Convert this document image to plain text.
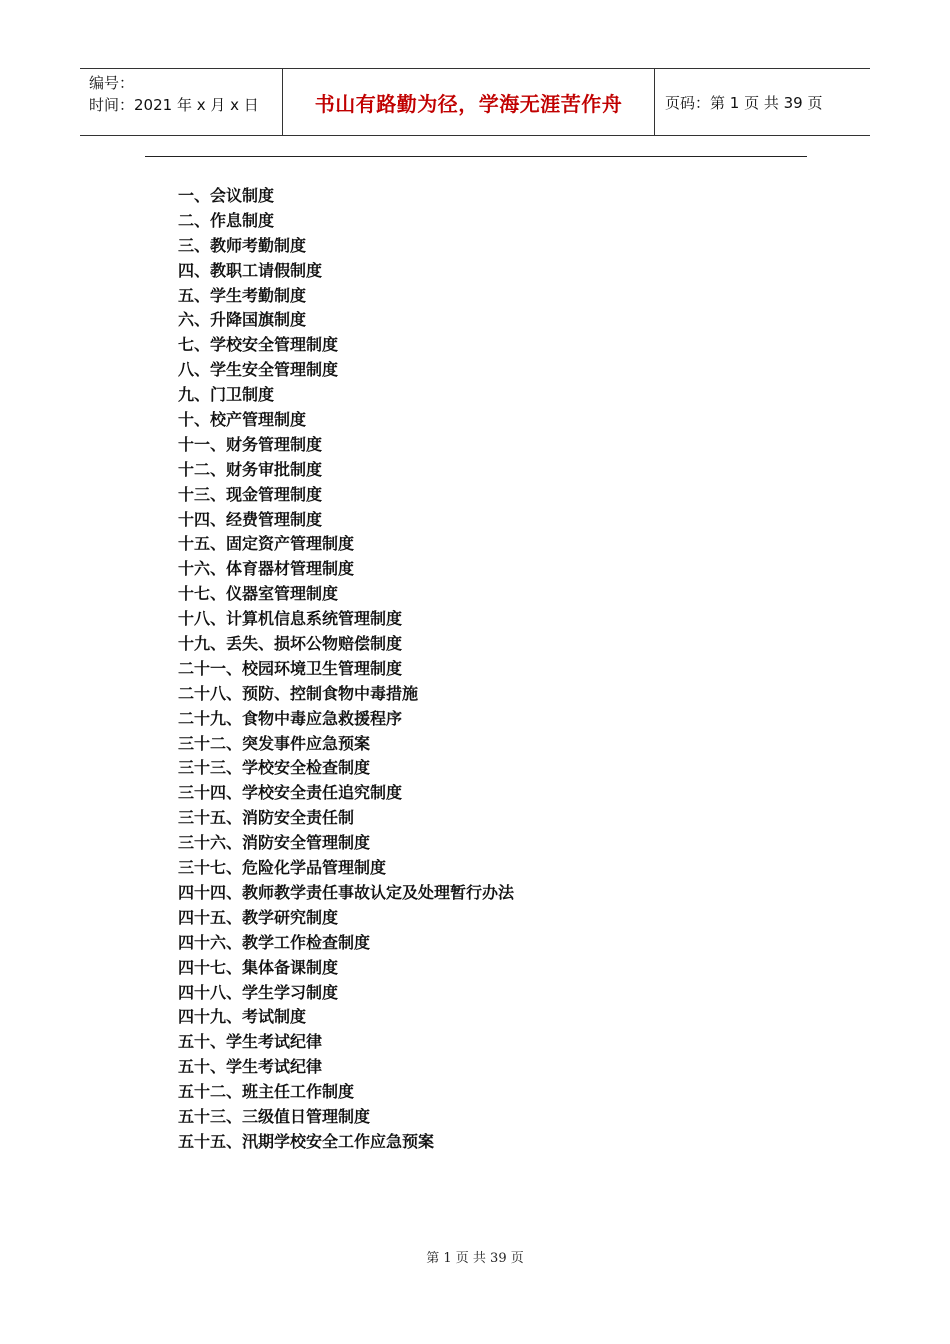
编号：
时间：2021 年 x 月 x 日	书山有路勤为径，学海无涯苦作舟	页码：第 1 页 共 39 页
一、会议制度
二、作息制度
三、教师考勤制度
四、教职工请假制度
五、学生考勤制度
六、升降国旗制度
七、学校安全管理制度
八、学生安全管理制度
九、门卫制度
十、校产管理制度
十一、财务管理制度
十二、财务审批制度
十三、现金管理制度
十四、经费管理制度
十五、固定资产管理制度
十六、体育器材管理制度
十七、仪器室管理制度
十八、计算机信息系统管理制度
十九、丢失、损坏公物赔偿制度
二十一、校园环境卫生管理制度
二十八、预防、控制食物中毒措施
二十九、食物中毒应急救援程序
三十二、突发事件应急预案
三十三、学校安全检查制度
三十四、学校安全责任追究制度
三十五、消防安全责任制
三十六、消防安全管理制度
三十七、危险化学品管理制度
四十四、教师教学责任事故认定及处理暂行办法
四十五、教学研究制度
四十六、教学工作检查制度
四十七、集体备课制度
四十八、学生学习制度
四十九、考试制度
五十、学生考试纪律
五十、学生考试纪律
五十二、班主任工作制度
五十三、三级值日管理制度
五十五、汛期学校安全工作应急预案
第 1 页 共 39 页
